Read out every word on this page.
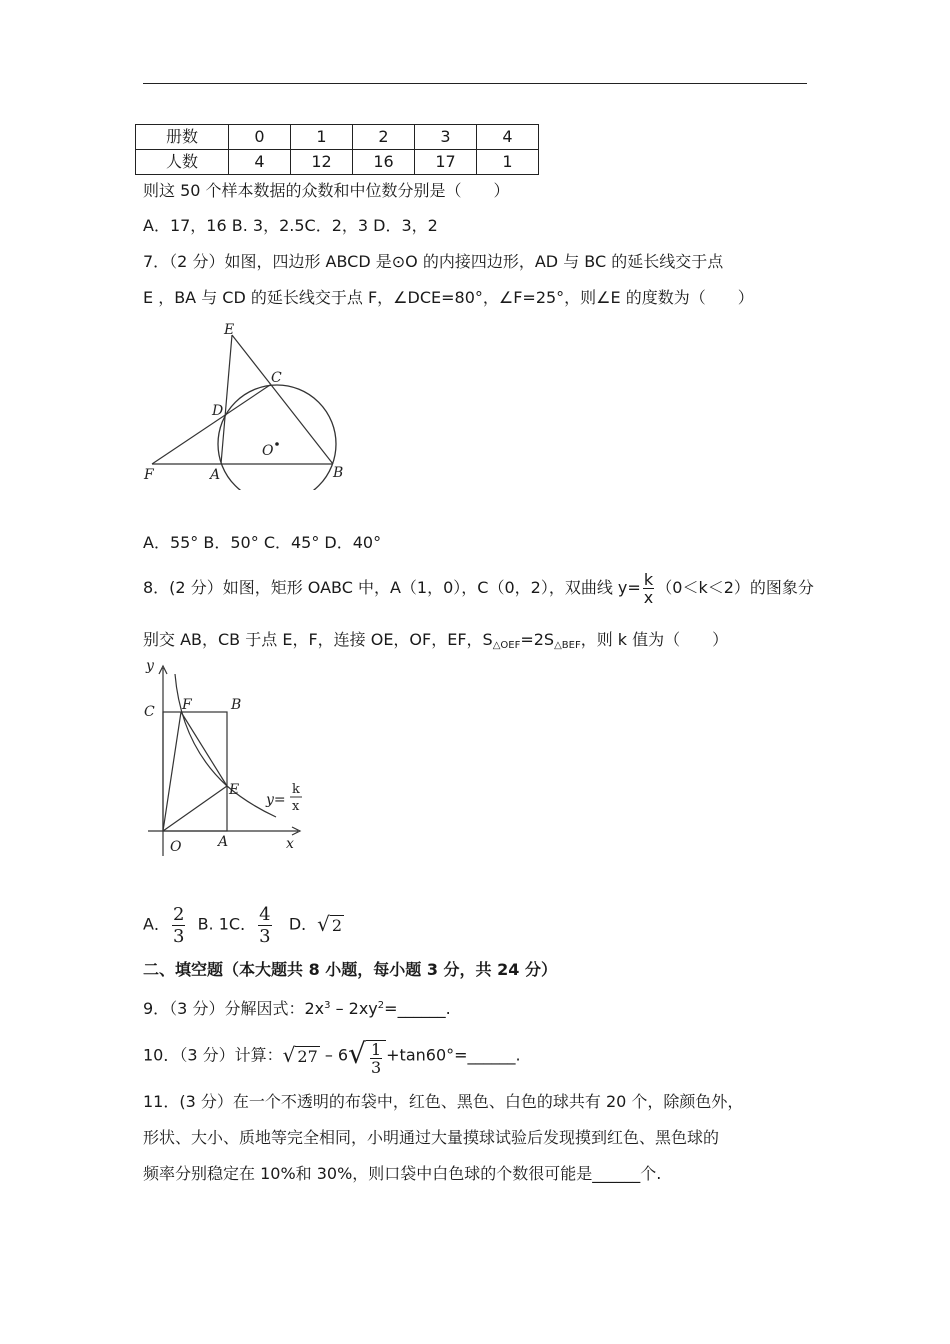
册数	0	1	2	3	4
人数	4	12	16	17	1
则这 50 个样本数据的众数和中位数分别是（　　）
A．17，16 B. 3，2.5C．2，3 D．3，2
7．（2 分）如图，四边形 ABCD 是⊙O 的内接四边形，AD 与 BC 的延长线交于点
E ，BA 与 CD 的延长线交于点 F，∠DCE=80°，∠F=25°，则∠E 的度数为（　　）
E
C
D
O
F	A	B
A．55° B．50° C．45° D．40°
8．(2 分）如图，矩形 OABC 中，A（1，0），C（0，2），双曲线 $y= \frac{k}{x} (0<k<2)$的图象分
别交 AB，CB 于点 E，F，连接 OE，OF，EF，$S_{\triangle OEF}=2S_{\triangle BEF}$，则 k 值为（　　）
y
C F	B
E
y=
k
x
O	A	x
A． $\frac{2}{3} B$. 1C． $\frac{4}{3}$ D．√ 2
二、填空题（本大题共 8 小题，每小题 3 分，共 24 分）
9．（3 分）分解因式：$2x^3$ – $2xy^2=\_\_\_\_\_\_$.
10．（3 分）计算：√ $27 - 6√ \frac{1}{3}$ +tan60°=______.
11．(3 分）在一个不透明的布袋中，红色、黑色、白色的球共有 20 个，除颜色外，
形状、大小、质地等完全相同，小明通过大量摸球试验后发现摸到红色、黑色球的
频率分别稳定在 10%和 30%，则口袋中白色球的个数很可能是______个.
